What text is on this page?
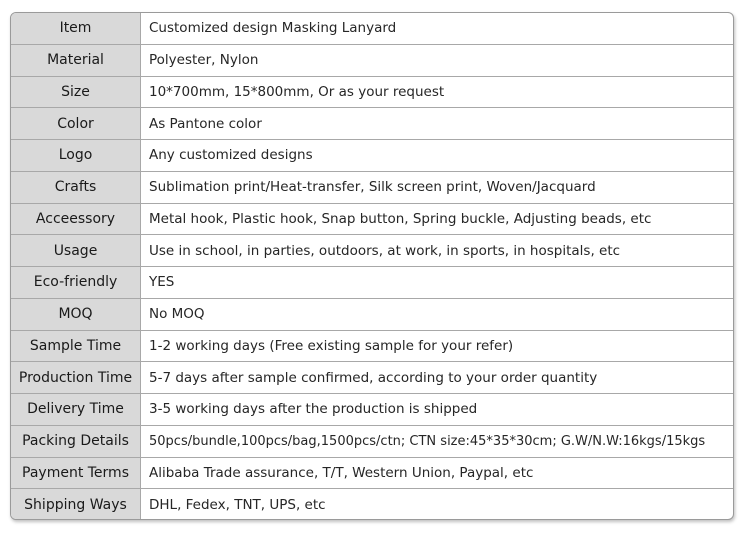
Item	Customized design Masking Lanyard
Material	Polyester, Nylon
Size	10*700mm, 15*800mm, Or as your request
Color	As Pantone color
Logo	Any customized designs
Crafts	Sublimation print/Heat-transfer, Silk screen print, Woven/Jacquard
Acceessory	Metal hook, Plastic hook, Snap button, Spring buckle, Adjusting beads, etc
Usage	Use in school, in parties, outdoors, at work, in sports, in hospitals, etc
Eco-friendly	YES
MOQ	No MOQ
Sample Time	1-2 working days (Free existing sample for your refer)
Production Time	5-7 days after sample confirmed, according to your order quantity
Delivery Time	3-5 working days after the production is shipped
Packing Details	50pcs/bundle,100pcs/bag,1500pcs/ctn; CTN size:45*35*30cm; G.W/N.W:16kgs/15kgs
Payment Terms	Alibaba Trade assurance, T/T, Western Union, Paypal, etc
Shipping Ways	DHL, Fedex, TNT, UPS, etc
